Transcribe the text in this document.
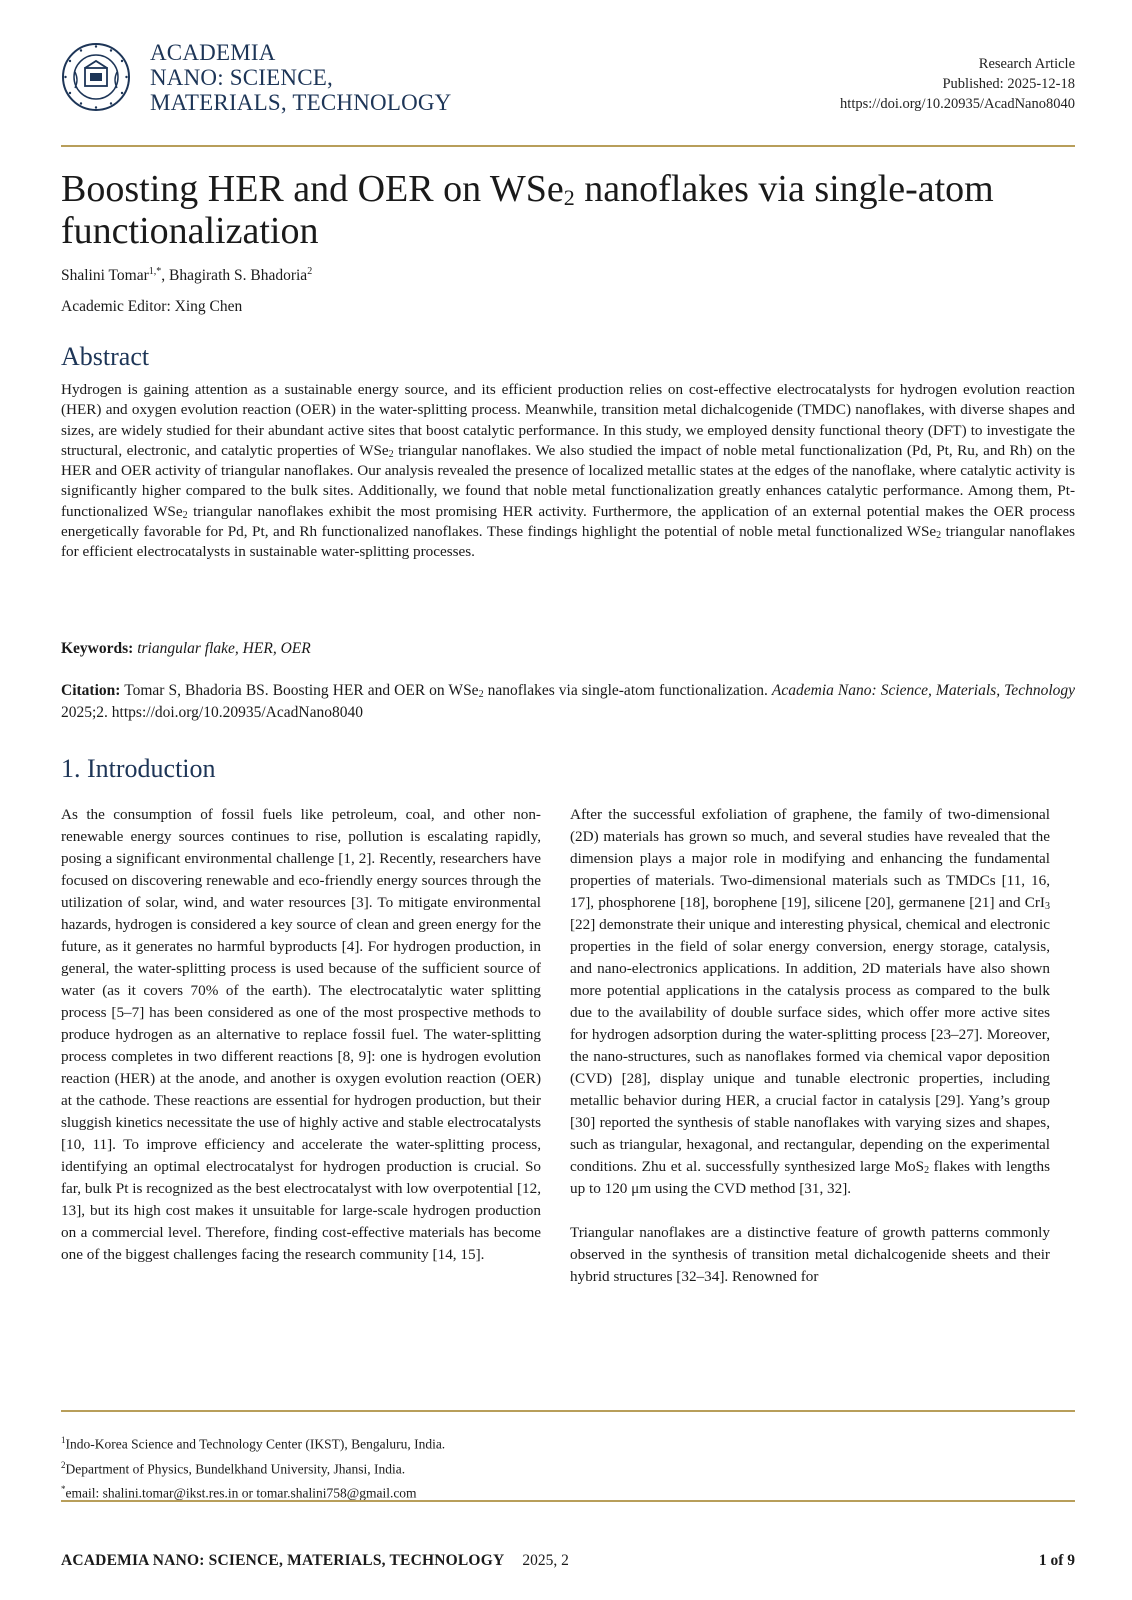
ACADEMIA
NANO: SCIENCE,
MATERIALS, TECHNOLOGY
Research Article
Published: 2025-12-18
https://doi.org/10.20935/AcadNano8040
Boosting HER and OER on WSe$_2$ nanoflakes via single-atom functionalization
Shalini Tomar$^{1,*}$, Bhagirath S. Bhadoria$^2$
Academic Editor: Xing Chen
Abstract

Hydrogen is gaining attention as a sustainable energy source, and its efficient production relies on cost-effective electrocatalysts for hydrogen evolution reaction (HER) and oxygen evolution reaction (OER) in the water-splitting process. Meanwhile, transition metal dichalcogenide (TMDC) nanoflakes, with diverse shapes and sizes, are widely studied for their abundant active sites that boost catalytic performance. In this study, we employed density functional theory (DFT) to investigate the structural, electronic, and catalytic properties of WSe$_2$ triangular nanoflakes. We also studied the impact of noble metal functionalization (Pd, Pt, Ru, and Rh) on the HER and OER activity of triangular nanoflakes. Our analysis revealed the presence of localized metallic states at the edges of the nanoflake, where catalytic activity is significantly higher compared to the bulk sites. Additionally, we found that noble metal functionalization greatly enhances catalytic performance. Among them, Pt-functionalized WSe$_2$ triangular nanoflakes exhibit the most promising HER activity. Furthermore, the application of an external potential makes the OER process energetically favorable for Pd, Pt, and Rh functionalized nanoflakes. These findings highlight the potential of noble metal functionalized WSe$_2$ triangular nanoflakes for efficient electrocatalysts in sustainable water-splitting processes.

Keywords: triangular flake, HER, OER

Citation: Tomar S, Bhadoria BS. Boosting HER and OER on WSe$_2$ nanoflakes via single-atom functionalization. Academia Nano: Science, Materials, Technology 2025;2. https://doi.org/10.20935/AcadNano8040

1. Introduction

As the consumption of fossil fuels like petroleum, coal, and other non-renewable energy sources continues to rise, pollution is escalating rapidly, posing a significant environmental challenge [1, 2]. Recently, researchers have focused on discovering renewable and eco-friendly energy sources through the utilization of solar, wind, and water resources [3]. To mitigate environmental hazards, hydrogen is considered a key source of clean and green energy for the future, as it generates no harmful byproducts [4]. For hydrogen production, in general, the water-splitting process is used because of the sufficient source of water (as it covers 70% of the earth). The electrocatalytic water splitting process [5–7] has been considered as one of the most prospective methods to produce hydrogen as an alternative to replace fossil fuel. The water-splitting process completes in two different reactions [8, 9]: one is hydrogen evolution reaction (HER) at the anode, and another is oxygen evolution reaction (OER) at the cathode. These reactions are essential for hydrogen production, but their sluggish kinetics necessitate the use of highly active and stable electrocatalysts [10, 11]. To improve efficiency and accelerate the water-splitting process, identifying an optimal electrocatalyst for hydrogen production is crucial. So far, bulk Pt is recognized as the best electrocatalyst with low overpotential [12, 13], but its high cost makes it unsuitable for large-scale hydrogen production on a commercial level. Therefore, finding cost-effective materials has become one of the biggest challenges facing the research community [14, 15].

After the successful exfoliation of graphene, the family of two-dimensional (2D) materials has grown so much, and several studies have revealed that the dimension plays a major role in modifying and enhancing the fundamental properties of materials. Two-dimensional materials such as TMDCs [11, 16, 17], phosphorene [18], borophene [19], silicene [20], germanene [21] and CrI$_3$ [22] demonstrate their unique and interesting physical, chemical and electronic properties in the field of solar energy conversion, energy storage, catalysis, and nano-electronics applications. In addition, 2D materials have also shown more potential applications in the catalysis process as compared to the bulk due to the availability of double surface sides, which offer more active sites for hydrogen adsorption during the water-splitting process [23–27]. Moreover, the nano-structures, such as nanoflakes formed via chemical vapor deposition (CVD) [28], display unique and tunable electronic properties, including metallic behavior during HER, a crucial factor in catalysis [29]. Yang’s group [30] reported the synthesis of stable nanoflakes with varying sizes and shapes, such as triangular, hexagonal, and rectangular, depending on the experimental conditions. Zhu et al. successfully synthesized large MoS$_2$ flakes with lengths up to 120 μm using the CVD method [31, 32].

Triangular nanoflakes are a distinctive feature of growth patterns commonly observed in the synthesis of transition metal dichalcogenide sheets and their hybrid structures [32–34]. Renowned for

$^1$Indo-Korea Science and Technology Center (IKST), Bengaluru, India.
$^2$Department of Physics, Bundelkhand University, Jhansi, India.
*email: shalini.tomar@ikst.res.in or tomar.shalini758@gmail.com
ACADEMIA NANO: SCIENCE, MATERIALS, TECHNOLOGY 2025, 2	1 of 9
